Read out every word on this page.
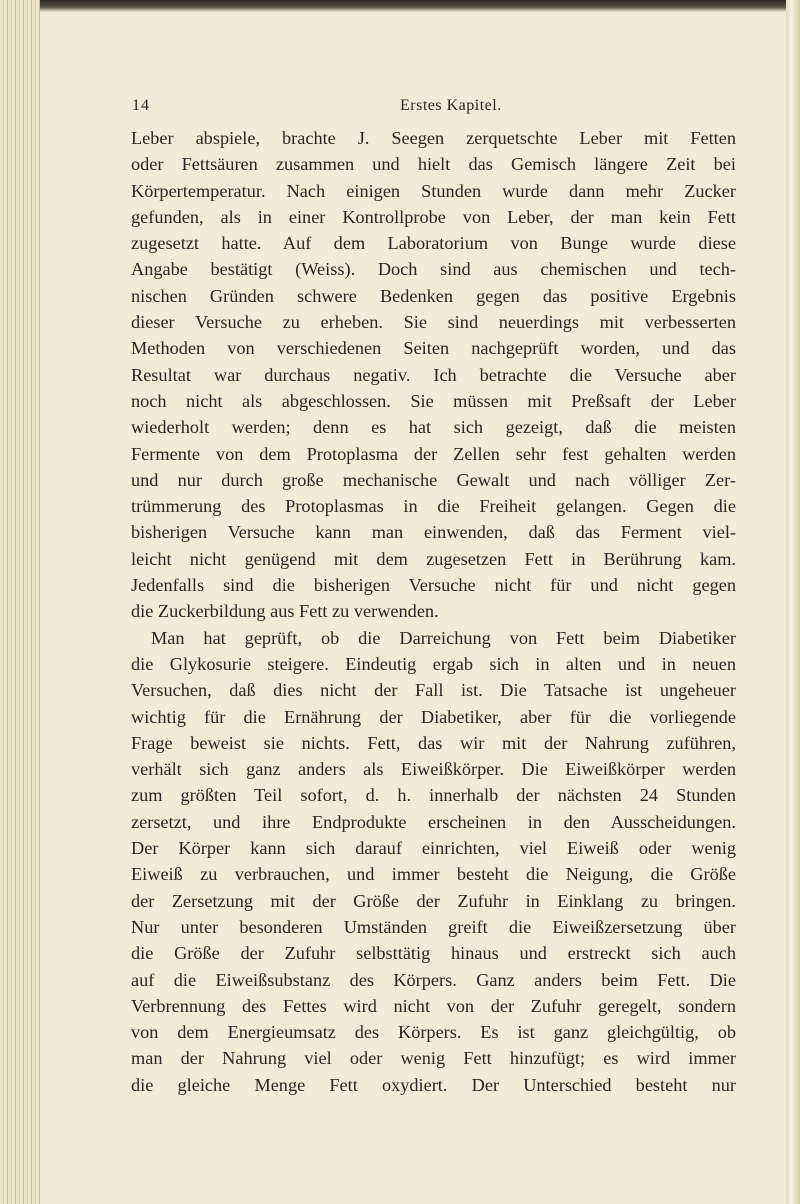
14	Erstes Kapitel.
Leber abspiele, brachte J. Seegen zerquetschte Leber mit Fetten
oder Fettsäuren zusammen und hielt das Gemisch längere Zeit bei
Körpertemperatur. Nach einigen Stunden wurde dann mehr Zucker
gefunden, als in einer Kontrollprobe von Leber, der man kein Fett
zugesetzt hatte. Auf dem Laboratorium von Bunge wurde diese
Angabe bestätigt (Weiss). Doch sind aus chemischen und tech-
nischen Gründen schwere Bedenken gegen das positive Ergebnis
dieser Versuche zu erheben. Sie sind neuerdings mit verbesserten
Methoden von verschiedenen Seiten nachgeprüft worden, und das
Resultat war durchaus negativ. Ich betrachte die Versuche aber
noch nicht als abgeschlossen. Sie müssen mit Preßsaft der Leber
wiederholt werden; denn es hat sich gezeigt, daß die meisten
Fermente von dem Protoplasma der Zellen sehr fest gehalten werden
und nur durch große mechanische Gewalt und nach völliger Zer-
trümmerung des Protoplasmas in die Freiheit gelangen. Gegen die
bisherigen Versuche kann man einwenden, daß das Ferment viel-
leicht nicht genügend mit dem zugesetzen Fett in Berührung kam.
Jedenfalls sind die bisherigen Versuche nicht für und nicht gegen
die Zuckerbildung aus Fett zu verwenden.
Man hat geprüft, ob die Darreichung von Fett beim Diabetiker
die Glykosurie steigere. Eindeutig ergab sich in alten und in neuen
Versuchen, daß dies nicht der Fall ist. Die Tatsache ist ungeheuer
wichtig für die Ernährung der Diabetiker, aber für die vorliegende
Frage beweist sie nichts. Fett, das wir mit der Nahrung zuführen,
verhält sich ganz anders als Eiweißkörper. Die Eiweißkörper werden
zum größten Teil sofort, d. h. innerhalb der nächsten 24 Stunden
zersetzt, und ihre Endprodukte erscheinen in den Ausscheidungen.
Der Körper kann sich darauf einrichten, viel Eiweiß oder wenig
Eiweiß zu verbrauchen, und immer besteht die Neigung, die Größe
der Zersetzung mit der Größe der Zufuhr in Einklang zu bringen.
Nur unter besonderen Umständen greift die Eiweißzersetzung über
die Größe der Zufuhr selbsttätig hinaus und erstreckt sich auch
auf die Eiweißsubstanz des Körpers. Ganz anders beim Fett. Die
Verbrennung des Fettes wird nicht von der Zufuhr geregelt, sondern
von dem Energieumsatz des Körpers. Es ist ganz gleichgültig, ob
man der Nahrung viel oder wenig Fett hinzufügt; es wird immer
die gleiche Menge Fett oxydiert. Der Unterschied besteht nur
